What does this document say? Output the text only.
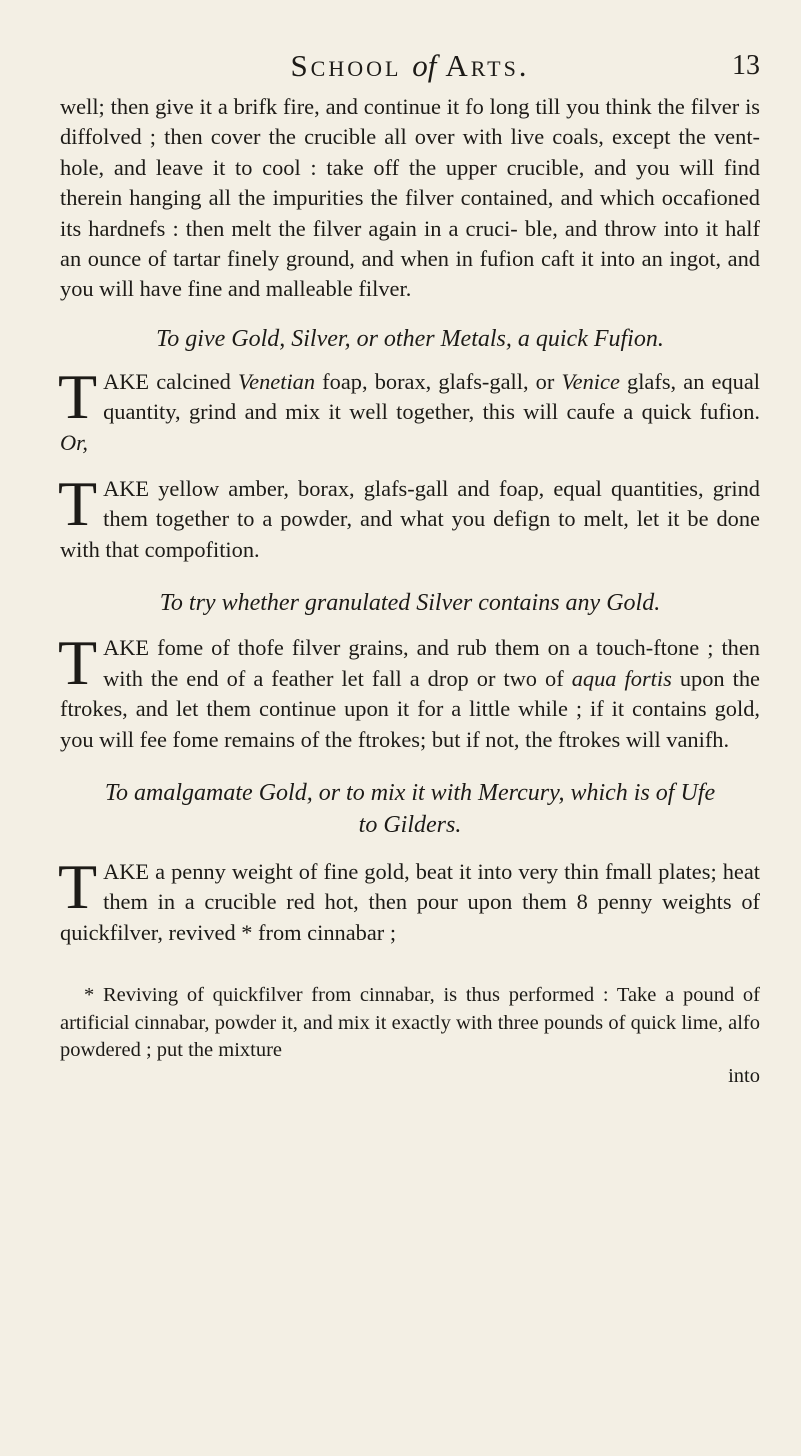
School of Arts.	13

well; then give it a brifk fire, and continue it fo long till you think the filver is diffolved ; then cover the crucible all over with live coals, except the vent-hole, and leave it to cool : take off the upper crucible, and you will find therein hanging all the impurities the filver contained, and which occafioned its hardnefs : then melt the filver again in a cruci- ble, and throw into it half an ounce of tartar finely ground, and when in fufion caft it into an ingot, and you will have fine and malleable filver.

To give Gold, Silver, or other Metals, a quick Fufion.

TAKE calcined Venetian foap, borax, glafs-gall, or Venice glafs, an equal quantity, grind and mix it well together, this will caufe a quick fufion. Or,

TAKE yellow amber, borax, glafs-gall and foap, equal quantities, grind them together to a powder, and what you defign to melt, let it be done with that compofition.

To try whether granulated Silver contains any Gold.

TAKE fome of thofe filver grains, and rub them on a touch-ftone ; then with the end of a feather let fall a drop or two of aqua fortis upon the ftrokes, and let them continue upon it for a little while ; if it contains gold, you will fee fome remains of the ftrokes; but if not, the ftrokes will vanifh.

To amalgamate Gold, or to mix it with Mercury, which is of Ufe to Gilders.

TAKE a penny weight of fine gold, beat it into very thin fmall plates; heat them in a crucible red hot, then pour upon them 8 penny weights of quickfilver, revived * from cinnabar ;

* Reviving of quickfilver from cinnabar, is thus performed : Take a pound of artificial cinnabar, powder it, and mix it exactly with three pounds of quick lime, alfo powdered ; put the mixture

into
